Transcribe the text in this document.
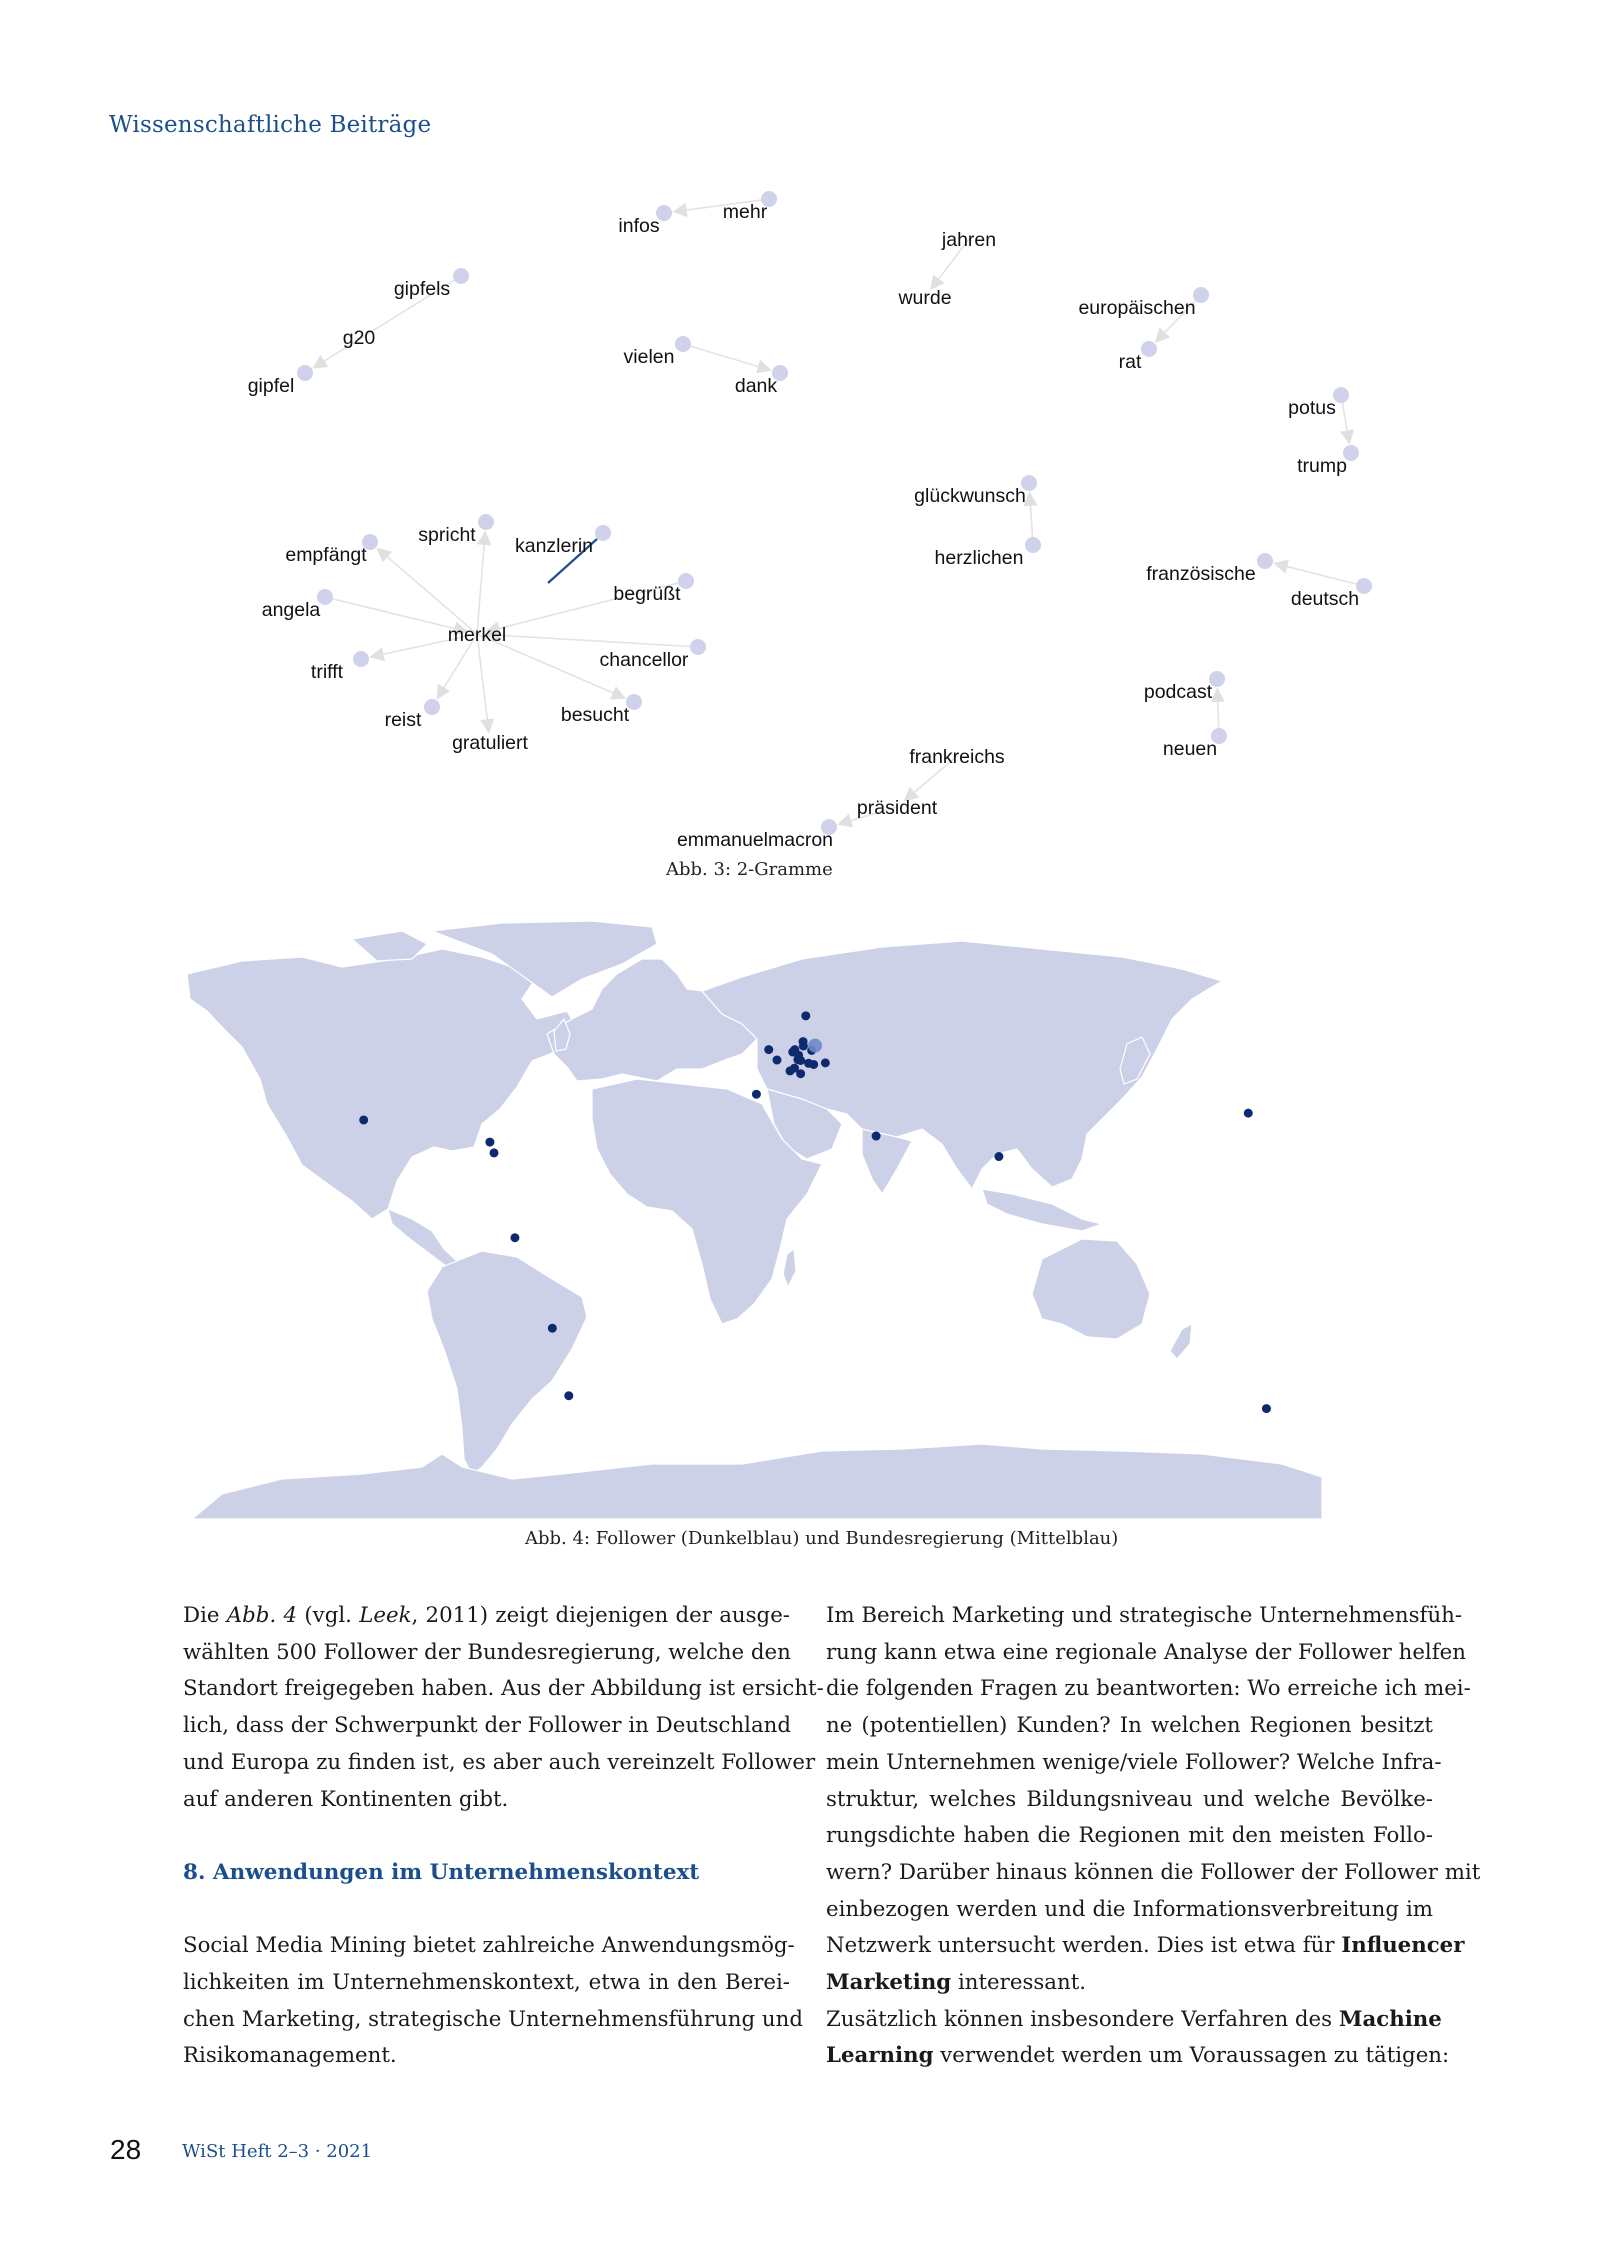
Wissenschaftliche Beiträge
infos
mehr
jahren
wurde
gipfels
g20
gipfel
vielen
dank
europäischen
rat
potus
trump
glückwunsch
herzlichen
französische
deutsch
spricht kanzlerin
empfängt
begrüßt
angela
merkel
chancellor
trifft
besucht
reist
gratuliert
podcast
neuen
frankreichs
präsident
emmanuelmacron
Abb. 3: 2-Gramme
Abb. 4: Follower (Dunkelblau) und Bundesregierung (Mittelblau)
Die Abb. 4 (vgl. Leek, 2011) zeigt diejenigen der ausge-
wählten 500 Follower der Bundesregierung, welche den
Standort freigegeben haben. Aus der Abbildung ist ersicht-
lich, dass der Schwerpunkt der Follower in Deutschland
und Europa zu finden ist, es aber auch vereinzelt Follower
auf anderen Kontinenten gibt.
8. Anwendungen im Unternehmenskontext
Social Media Mining bietet zahlreiche Anwendungsmög-
lichkeiten im Unternehmenskontext, etwa in den Berei-
chen Marketing, strategische Unternehmensführung und
Risikomanagement.
Im Bereich Marketing und strategische Unternehmensfüh-
rung kann etwa eine regionale Analyse der Follower helfen
die folgenden Fragen zu beantworten: Wo erreiche ich mei-
ne (potentiellen) Kunden? In welchen Regionen besitzt
mein Unternehmen wenige/viele Follower? Welche Infra-
struktur, welches Bildungsniveau und welche Bevölke-
rungsdichte haben die Regionen mit den meisten Follo-
wern? Darüber hinaus können die Follower der Follower mit
einbezogen werden und die Informationsverbreitung im
Netzwerk untersucht werden. Dies ist etwa für Influencer
Marketing interessant.
Zusätzlich können insbesondere Verfahren des Machine
Learning verwendet werden um Voraussagen zu tätigen:
28 WiSt Heft 2–3 · 2021
